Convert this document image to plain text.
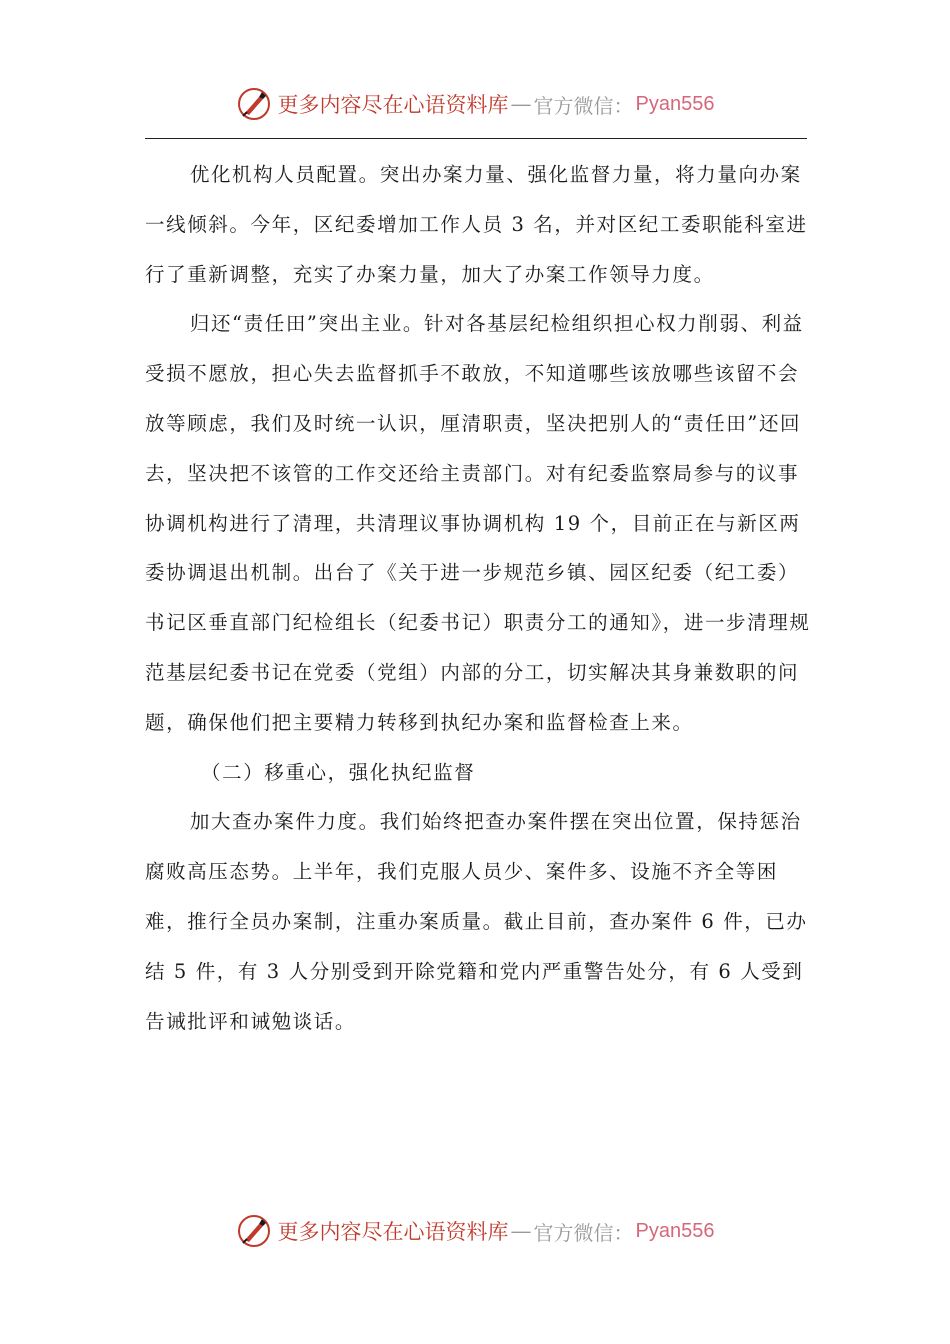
更多内容尽在心语资料库 — 官方微信： Pyan556

优化机构人员配置。突出办案力量、强化监督力量，将力量向办案一线倾斜。今年，区纪委增加工作人员 3 名，并对区纪工委职能科室进行了重新调整，充实了办案力量，加大了办案工作领导力度。

归还“责任田”突出主业。针对各基层纪检组织担心权力削弱、利益受损不愿放，担心失去监督抓手不敢放，不知道哪些该放哪些该留不会放等顾虑，我们及时统一认识，厘清职责，坚决把别人的“责任田”还回去，坚决把不该管的工作交还给主责部门。对有纪委监察局参与的议事协调机构进行了清理，共清理议事协调机构 19 个，目前正在与新区两委协调退出机制。出台了《关于进一步规范乡镇、园区纪委（纪工委）书记区垂直部门纪检组长（纪委书记）职责分工的通知》，进一步清理规范基层纪委书记在党委（党组）内部的分工，切实解决其身兼数职的问题，确保他们把主要精力转移到执纪办案和监督检查上来。

（二）移重心，强化执纪监督

加大查办案件力度。我们始终把查办案件摆在突出位置，保持惩治腐败高压态势。上半年，我们克服人员少、案件多、设施不齐全等困难，推行全员办案制，注重办案质量。截止目前，查办案件 6 件，已办结 5 件，有 3 人分别受到开除党籍和党内严重警告处分，有 6 人受到告诫批评和诫勉谈话。

更多内容尽在心语资料库 — 官方微信： Pyan556
